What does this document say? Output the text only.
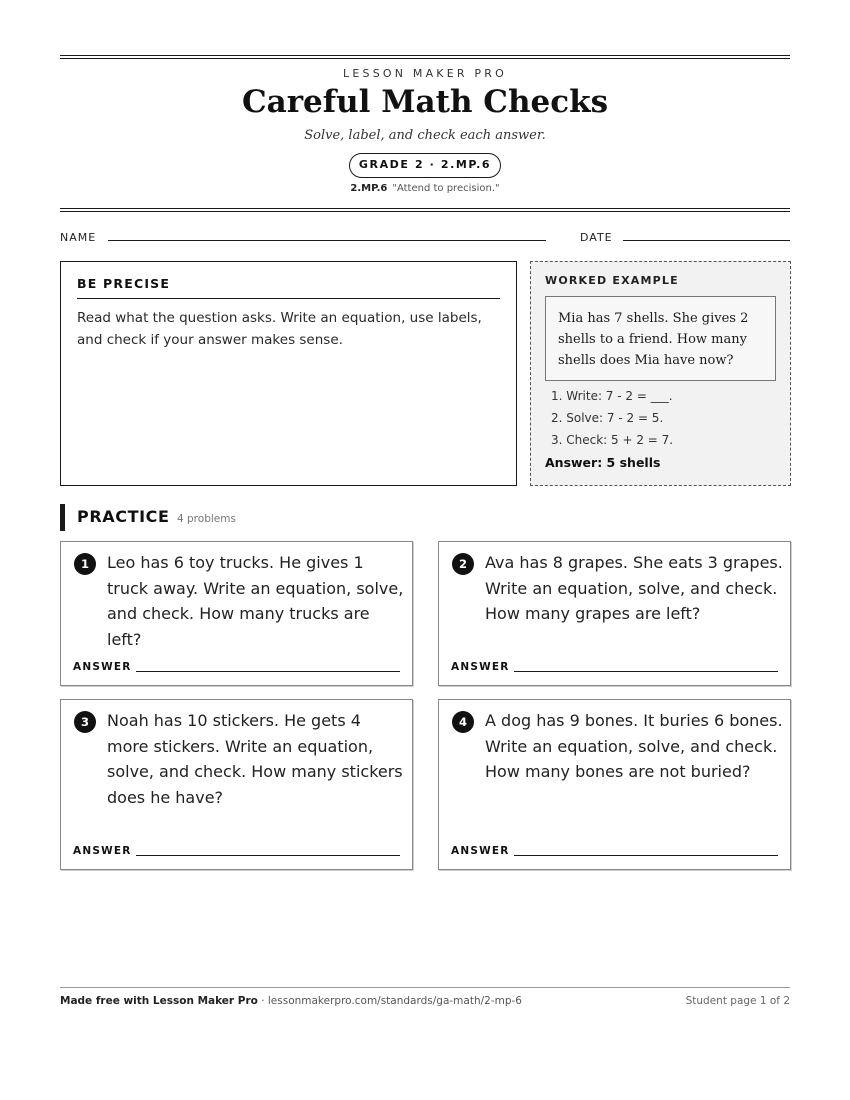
LESSON MAKER PRO
Careful Math Checks
Solve, label, and check each answer.
GRADE 2 · 2.MP.6
2.MP.6 "Attend to precision."
NAME	DATE
BE PRECISE
Read what the question asks. Write an equation, use labels, and check if your answer makes sense.
WORKED EXAMPLE
Mia has 7 shells. She gives 2 shells to a friend. How many shells does Mia have now?
1. Write: 7 - 2 = ___.
2. Solve: 7 - 2 = 5.
3. Check: 5 + 2 = 7.
Answer: 5 shells
PRACTICE 4 problems
1	Leo has 6 toy trucks. He gives 1 truck away. Write an equation, solve, and check. How many trucks are left?
ANSWER
2	Ava has 8 grapes. She eats 3 grapes. Write an equation, solve, and check. How many grapes are left?
ANSWER
3	Noah has 10 stickers. He gets 4 more stickers. Write an equation, solve, and check. How many stickers does he have?
ANSWER
4	A dog has 9 bones. It buries 6 bones. Write an equation, solve, and check. How many bones are not buried?
ANSWER
Made free with Lesson Maker Pro · lessonmakerpro.com/standards/ga-math/2-mp-6	Student page 1 of 2
